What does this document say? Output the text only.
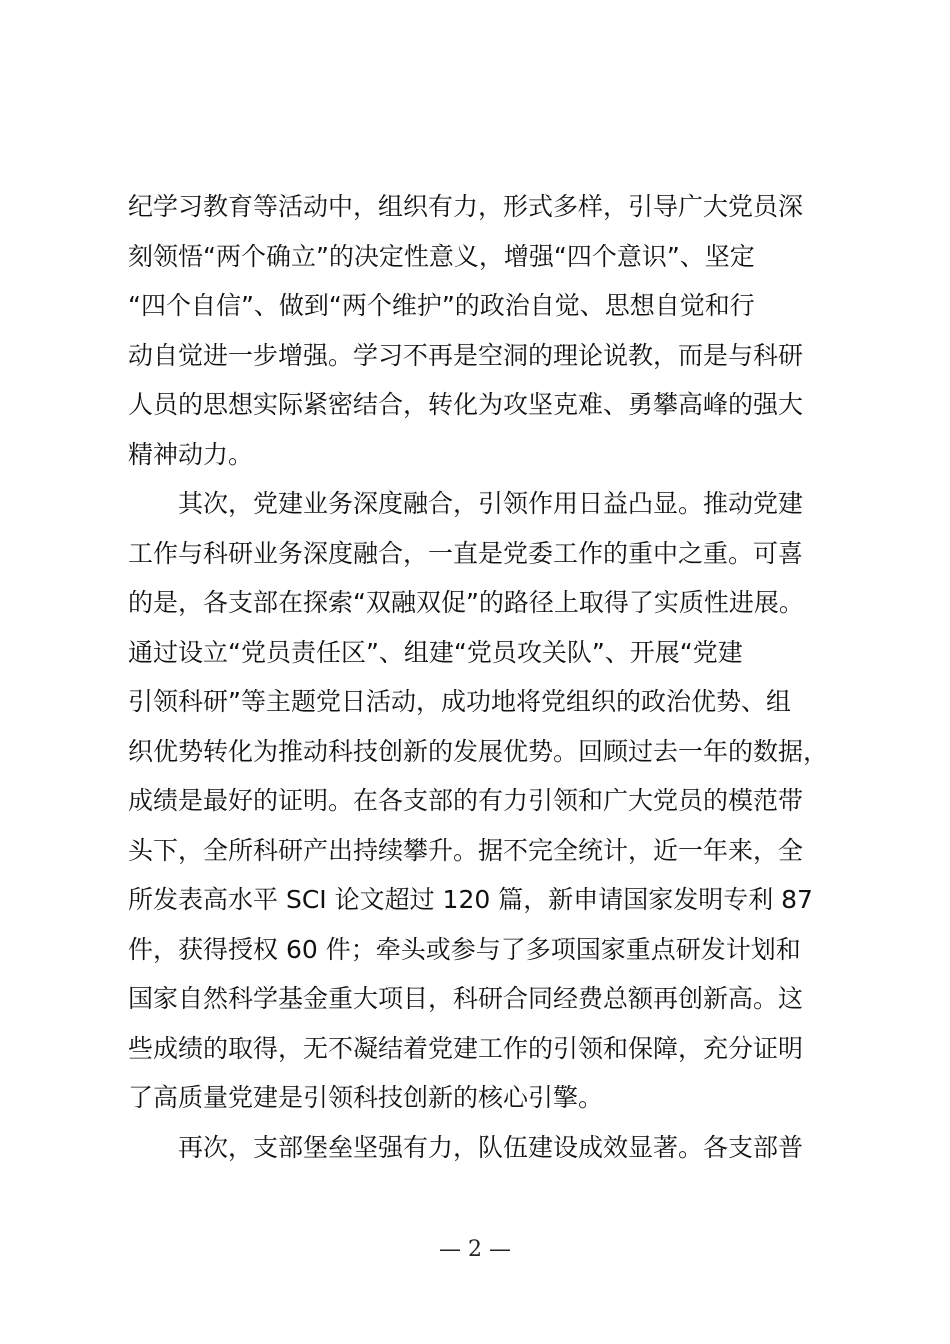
纪学习教育等活动中，组织有力，形式多样，引导广大党员深
刻领悟“两个确立”的决定性意义，增强“四个意识”、坚定
“四个自信”、做到“两个维护”的政治自觉、思想自觉和行
动自觉进一步增强。学习不再是空洞的理论说教，而是与科研
人员的思想实际紧密结合，转化为攻坚克难、勇攀高峰的强大
精神动力。
　　其次，党建业务深度融合，引领作用日益凸显。推动党建
工作与科研业务深度融合，一直是党委工作的重中之重。可喜
的是，各支部在探索“双融双促”的路径上取得了实质性进展。
通过设立“党员责任区”、组建“党员攻关队”、开展“党建
引领科研”等主题党日活动，成功地将党组织的政治优势、组
织优势转化为推动科技创新的发展优势。回顾过去一年的数据，
成绩是最好的证明。在各支部的有力引领和广大党员的模范带
头下，全所科研产出持续攀升。据不完全统计，近一年来，全
所发表高水平 SCI 论文超过 120 篇，新申请国家发明专利 87
件，获得授权 60 件；牵头或参与了多项国家重点研发计划和
国家自然科学基金重大项目，科研合同经费总额再创新高。这
些成绩的取得，无不凝结着党建工作的引领和保障，充分证明
了高质量党建是引领科技创新的核心引擎。
　　再次，支部堡垒坚强有力，队伍建设成效显著。各支部普
— 2 —
